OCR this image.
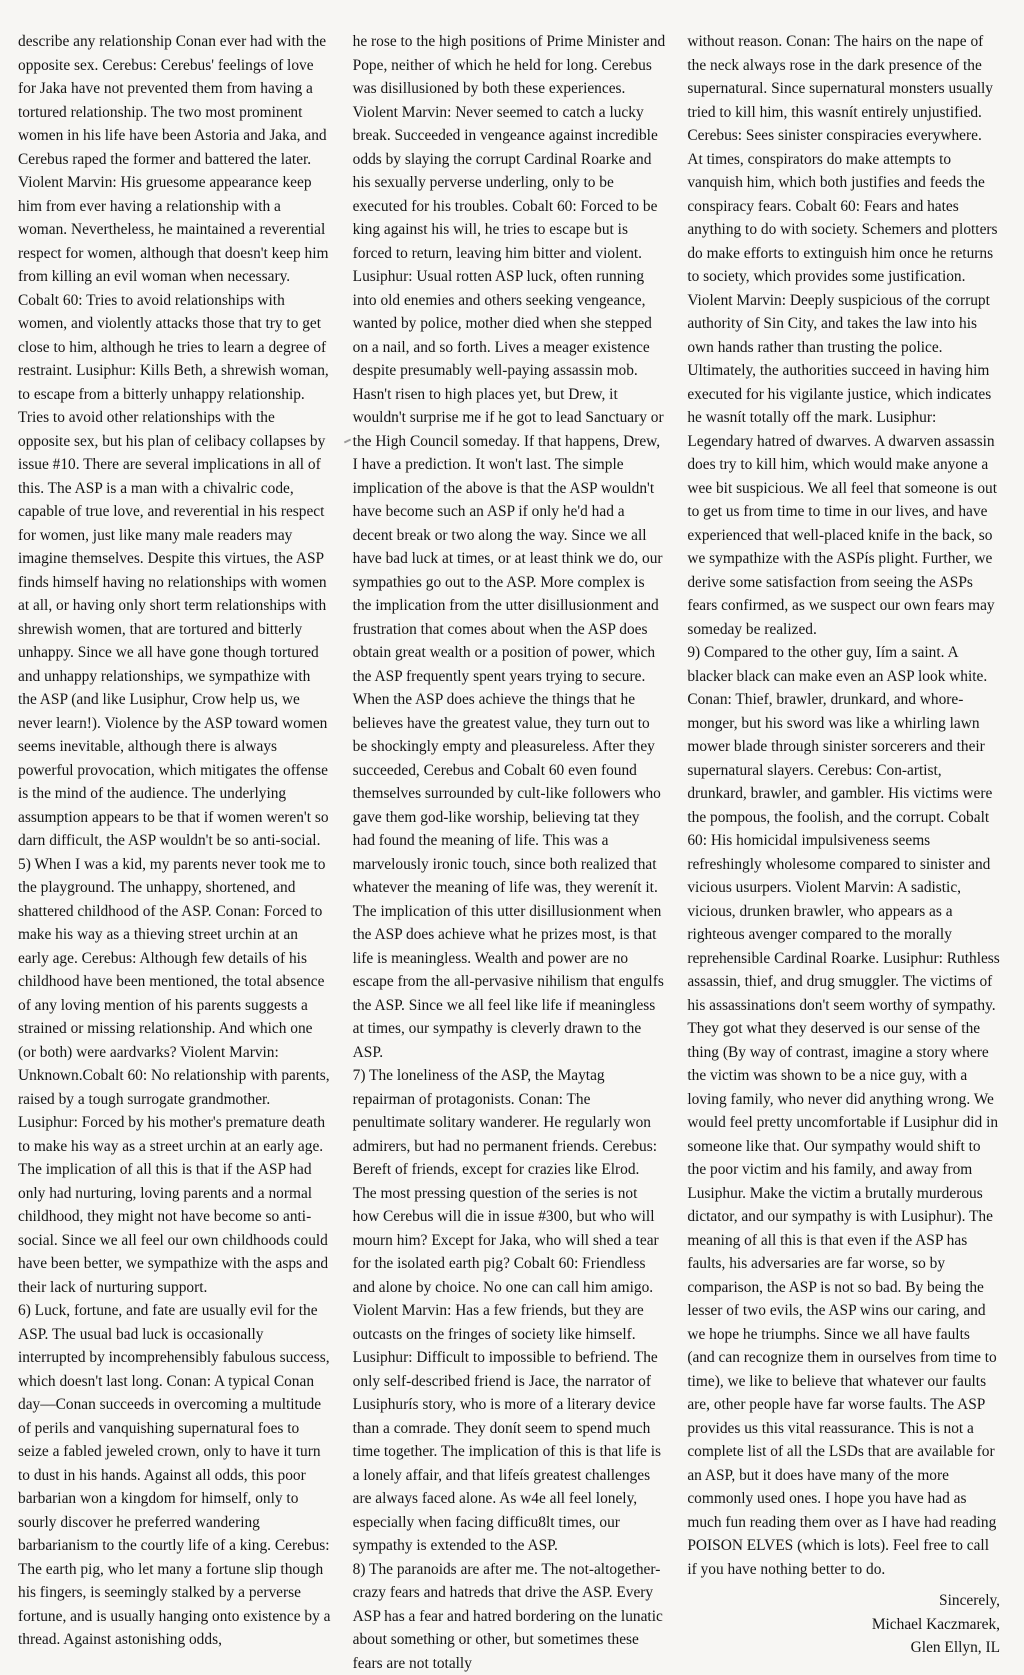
describe any relationship Conan ever had with the opposite sex. Cerebus: Cerebus' feelings of love for Jaka have not prevented them from having a tortured relationship. The two most prominent women in his life have been Astoria and Jaka, and Cerebus raped the former and battered the later. Violent Marvin: His gruesome appearance keep him from ever having a relationship with a woman. Nevertheless, he maintained a reverential respect for women, although that doesn't keep him from killing an evil woman when necessary. Cobalt 60: Tries to avoid relationships with women, and violently attacks those that try to get close to him, although he tries to learn a degree of restraint. Lusiphur: Kills Beth, a shrewish woman, to escape from a bitterly unhappy relationship. Tries to avoid other relationships with the opposite sex, but his plan of celibacy collapses by issue #10. There are several implications in all of this. The ASP is a man with a chivalric code, capable of true love, and reverential in his respect for women, just like many male readers may imagine themselves. Despite this virtues, the ASP finds himself having no relationships with women at all, or having only short term relationships with shrewish women, that are tortured and bitterly unhappy. Since we all have gone though tortured and unhappy relationships, we sympathize with the ASP (and like Lusiphur, Crow help us, we never learn!). Violence by the ASP toward women seems inevitable, although there is always powerful provocation, which mitigates the offense is the mind of the audience. The underlying assumption appears to be that if women weren't so darn difficult, the ASP wouldn't be so anti-social.

5) When I was a kid, my parents never took me to the playground. The unhappy, shortened, and shattered childhood of the ASP. Conan: Forced to make his way as a thieving street urchin at an early age. Cerebus: Although few details of his childhood have been mentioned, the total absence of any loving mention of his parents suggests a strained or missing relationship. And which one (or both) were aardvarks? Violent Marvin: Unknown.Cobalt 60: No relationship with parents, raised by a tough surrogate grandmother. Lusiphur: Forced by his mother's premature death to make his way as a street urchin at an early age. The implication of all this is that if the ASP had only had nurturing, loving parents and a normal childhood, they might not have become so anti-social. Since we all feel our own childhoods could have been better, we sympathize with the asps and their lack of nurturing support.

6) Luck, fortune, and fate are usually evil for the ASP. The usual bad luck is occasionally interrupted by incomprehensibly fabulous success, which doesn't last long. Conan: A typical Conan day—Conan succeeds in overcoming a multitude of perils and vanquishing supernatural foes to seize a fabled jeweled crown, only to have it turn to dust in his hands. Against all odds, this poor barbarian won a kingdom for himself, only to sourly discover he preferred wandering barbarianism to the courtly life of a king. Cerebus: The earth pig, who let many a fortune slip though his fingers, is seemingly stalked by a perverse fortune, and is usually hanging onto existence by a thread. Against astonishing odds,

he rose to the high positions of Prime Minister and Pope, neither of which he held for long. Cerebus was disillusioned by both these experiences. Violent Marvin: Never seemed to catch a lucky break. Succeeded in vengeance against incredible odds by slaying the corrupt Cardinal Roarke and his sexually perverse underling, only to be executed for his troubles. Cobalt 60: Forced to be king against his will, he tries to escape but is forced to return, leaving him bitter and violent. Lusiphur: Usual rotten ASP luck, often running into old enemies and others seeking vengeance, wanted by police, mother died when she stepped on a nail, and so forth. Lives a meager existence despite presumably well-paying assassin mob. Hasn't risen to high places yet, but Drew, it wouldn't surprise me if he got to lead Sanctuary or the High Council someday. If that happens, Drew, I have a prediction. It won't last. The simple implication of the above is that the ASP wouldn't have become such an ASP if only he'd had a decent break or two along the way. Since we all have bad luck at times, or at least think we do, our sympathies go out to the ASP. More complex is the implication from the utter disillusionment and frustration that comes about when the ASP does obtain great wealth or a position of power, which the ASP frequently spent years trying to secure. When the ASP does achieve the things that he believes have the greatest value, they turn out to be shockingly empty and pleasureless. After they succeeded, Cerebus and Cobalt 60 even found themselves surrounded by cult-like followers who gave them god-like worship, believing tat they had found the meaning of life. This was a marvelously ironic touch, since both realized that whatever the meaning of life was, they werenít it. The implication of this utter disillusionment when the ASP does achieve what he prizes most, is that life is meaningless. Wealth and power are no escape from the all-pervasive nihilism that engulfs the ASP. Since we all feel like life if meaningless at times, our sympathy is cleverly drawn to the ASP.

7) The loneliness of the ASP, the Maytag repairman of protagonists. Conan: The penultimate solitary wanderer. He regularly won admirers, but had no permanent friends. Cerebus: Bereft of friends, except for crazies like Elrod. The most pressing question of the series is not how Cerebus will die in issue #300, but who will mourn him? Except for Jaka, who will shed a tear for the isolated earth pig? Cobalt 60: Friendless and alone by choice. No one can call him amigo. Violent Marvin: Has a few friends, but they are outcasts on the fringes of society like himself. Lusiphur: Difficult to impossible to befriend. The only self-described friend is Jace, the narrator of Lusiphurís story, who is more of a literary device than a comrade. They donít seem to spend much time together. The implication of this is that life is a lonely affair, and that lifeís greatest challenges are always faced alone. As w4e all feel lonely, especially when facing difficu8lt times, our sympathy is extended to the ASP.

8) The paranoids are after me. The not-altogether-crazy fears and hatreds that drive the ASP. Every ASP has a fear and hatred bordering on the lunatic about something or other, but sometimes these fears are not totally

without reason. Conan: The hairs on the nape of the neck always rose in the dark presence of the supernatural. Since supernatural monsters usually tried to kill him, this wasnít entirely unjustified. Cerebus: Sees sinister conspiracies everywhere. At times, conspirators do make attempts to vanquish him, which both justifies and feeds the conspiracy fears. Cobalt 60: Fears and hates anything to do with society. Schemers and plotters do make efforts to extinguish him once he returns to society, which provides some justification. Violent Marvin: Deeply suspicious of the corrupt authority of Sin City, and takes the law into his own hands rather than trusting the police. Ultimately, the authorities succeed in having him executed for his vigilante justice, which indicates he wasnít totally off the mark. Lusiphur: Legendary hatred of dwarves. A dwarven assassin does try to kill him, which would make anyone a wee bit suspicious. We all feel that someone is out to get us from time to time in our lives, and have experienced that well-placed knife in the back, so we sympathize with the ASPís plight. Further, we derive some satisfaction from seeing the ASPs fears confirmed, as we suspect our own fears may someday be realized.

9) Compared to the other guy, Iím a saint. A blacker black can make even an ASP look white. Conan: Thief, brawler, drunkard, and whore-monger, but his sword was like a whirling lawn mower blade through sinister sorcerers and their supernatural slayers. Cerebus: Con-artist, drunkard, brawler, and gambler. His victims were the pompous, the foolish, and the corrupt. Cobalt 60: His homicidal impulsiveness seems refreshingly wholesome compared to sinister and vicious usurpers. Violent Marvin: A sadistic, vicious, drunken brawler, who appears as a righteous avenger compared to the morally reprehensible Cardinal Roarke. Lusiphur: Ruthless assassin, thief, and drug smuggler. The victims of his assassinations don't seem worthy of sympathy. They got what they deserved is our sense of the thing (By way of contrast, imagine a story where the victim was shown to be a nice guy, with a loving family, who never did anything wrong. We would feel pretty uncomfortable if Lusiphur did in someone like that. Our sympathy would shift to the poor victim and his family, and away from Lusiphur. Make the victim a brutally murderous dictator, and our sympathy is with Lusiphur). The meaning of all this is that even if the ASP has faults, his adversaries are far worse, so by comparison, the ASP is not so bad. By being the lesser of two evils, the ASP wins our caring, and we hope he triumphs. Since we all have faults (and can recognize them in ourselves from time to time), we like to believe that whatever our faults are, other people have far worse faults. The ASP provides us this vital reassurance. This is not a complete list of all the LSDs that are available for an ASP, but it does have many of the more commonly used ones. I hope you have had as much fun reading them over as I have had reading POISON ELVES (which is lots). Feel free to call if you have nothing better to do.

Sincerely,
Michael Kaczmarek,
Glen Ellyn, IL
